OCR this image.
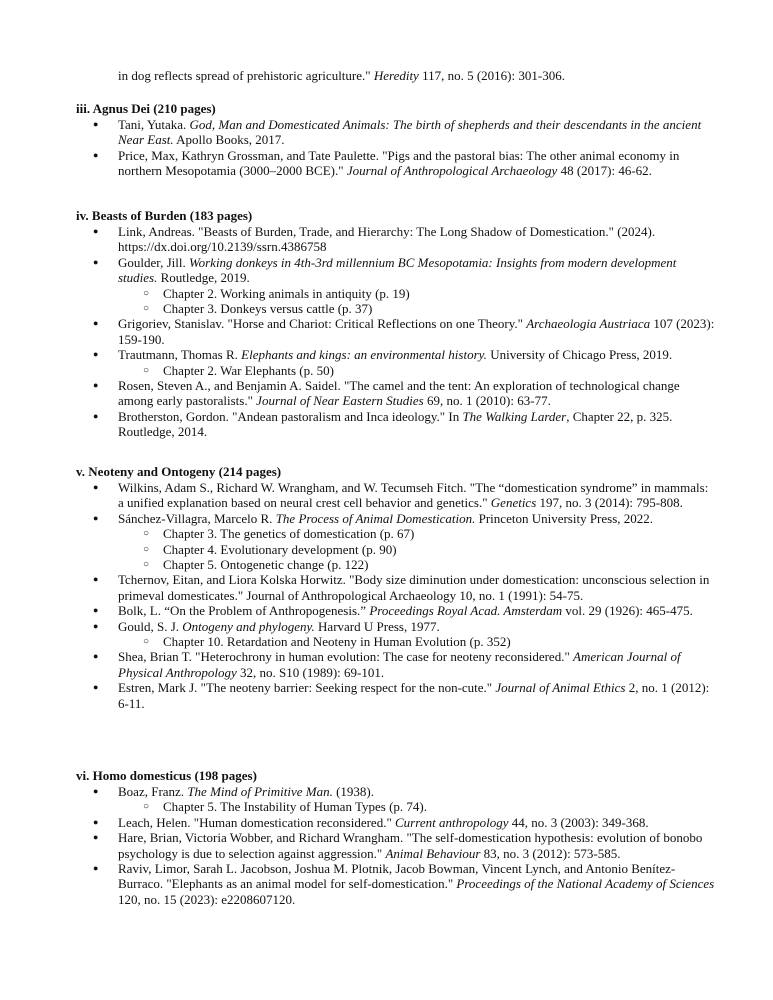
in dog reflects spread of prehistoric agriculture." Heredity 117, no. 5 (2016): 301-306.

iii. Agnus Dei (210 pages)

● Tani, Yutaka. God, Man and Domesticated Animals: The birth of shepherds and their descendants in the ancient Near East. Apollo Books, 2017.
● Price, Max, Kathryn Grossman, and Tate Paulette. "Pigs and the pastoral bias: The other animal economy in northern Mesopotamia (3000–2000 BCE)." Journal of Anthropological Archaeology 48 (2017): 46-62.

iv. Beasts of Burden (183 pages)

● Link, Andreas. "Beasts of Burden, Trade, and Hierarchy: The Long Shadow of Domestication." (2024). https://dx.doi.org/10.2139/ssrn.4386758
● Goulder, Jill. Working donkeys in 4th-3rd millennium BC Mesopotamia: Insights from modern development studies. Routledge, 2019.
○ Chapter 2. Working animals in antiquity (p. 19)
○ Chapter 3. Donkeys versus cattle (p. 37)
● Grigoriev, Stanislav. "Horse and Chariot: Critical Reflections on one Theory." Archaeologia Austriaca 107 (2023): 159-190.
● Trautmann, Thomas R. Elephants and kings: an environmental history. University of Chicago Press, 2019.
○ Chapter 2. War Elephants (p. 50)
● Rosen, Steven A., and Benjamin A. Saidel. "The camel and the tent: An exploration of technological change among early pastoralists." Journal of Near Eastern Studies 69, no. 1 (2010): 63-77.
● Brotherston, Gordon. "Andean pastoralism and Inca ideology." In The Walking Larder, Chapter 22, p. 325. Routledge, 2014.

v. Neoteny and Ontogeny (214 pages)

● Wilkins, Adam S., Richard W. Wrangham, and W. Tecumseh Fitch. "The “domestication syndrome” in mammals: a unified explanation based on neural crest cell behavior and genetics." Genetics 197, no. 3 (2014): 795-808.
● Sánchez-Villagra, Marcelo R. The Process of Animal Domestication. Princeton University Press, 2022.
○ Chapter 3. The genetics of domestication (p. 67)
○ Chapter 4. Evolutionary development (p. 90)
○ Chapter 5. Ontogenetic change (p. 122)
● Tchernov, Eitan, and Liora Kolska Horwitz. "Body size diminution under domestication: unconscious selection in primeval domesticates." Journal of Anthropological Archaeology 10, no. 1 (1991): 54-75.
● Bolk, L. “On the Problem of Anthropogenesis.” Proceedings Royal Acad. Amsterdam vol. 29 (1926): 465-475.
● Gould, S. J. Ontogeny and phylogeny. Harvard U Press, 1977.
○ Chapter 10. Retardation and Neoteny in Human Evolution (p. 352)
● Shea, Brian T. "Heterochrony in human evolution: The case for neoteny reconsidered." American Journal of Physical Anthropology 32, no. S10 (1989): 69-101.
● Estren, Mark J. "The neoteny barrier: Seeking respect for the non-cute." Journal of Animal Ethics 2, no. 1 (2012): 6-11.

vi. Homo domesticus (198 pages)

● Boaz, Franz. The Mind of Primitive Man. (1938).
○ Chapter 5. The Instability of Human Types (p. 74).
● Leach, Helen. "Human domestication reconsidered." Current anthropology 44, no. 3 (2003): 349-368.
● Hare, Brian, Victoria Wobber, and Richard Wrangham. "The self-domestication hypothesis: evolution of bonobo psychology is due to selection against aggression." Animal Behaviour 83, no. 3 (2012): 573-585.
● Raviv, Limor, Sarah L. Jacobson, Joshua M. Plotnik, Jacob Bowman, Vincent Lynch, and Antonio Benítez-Burraco. "Elephants as an animal model for self-domestication." Proceedings of the National Academy of Sciences 120, no. 15 (2023): e2208607120.
